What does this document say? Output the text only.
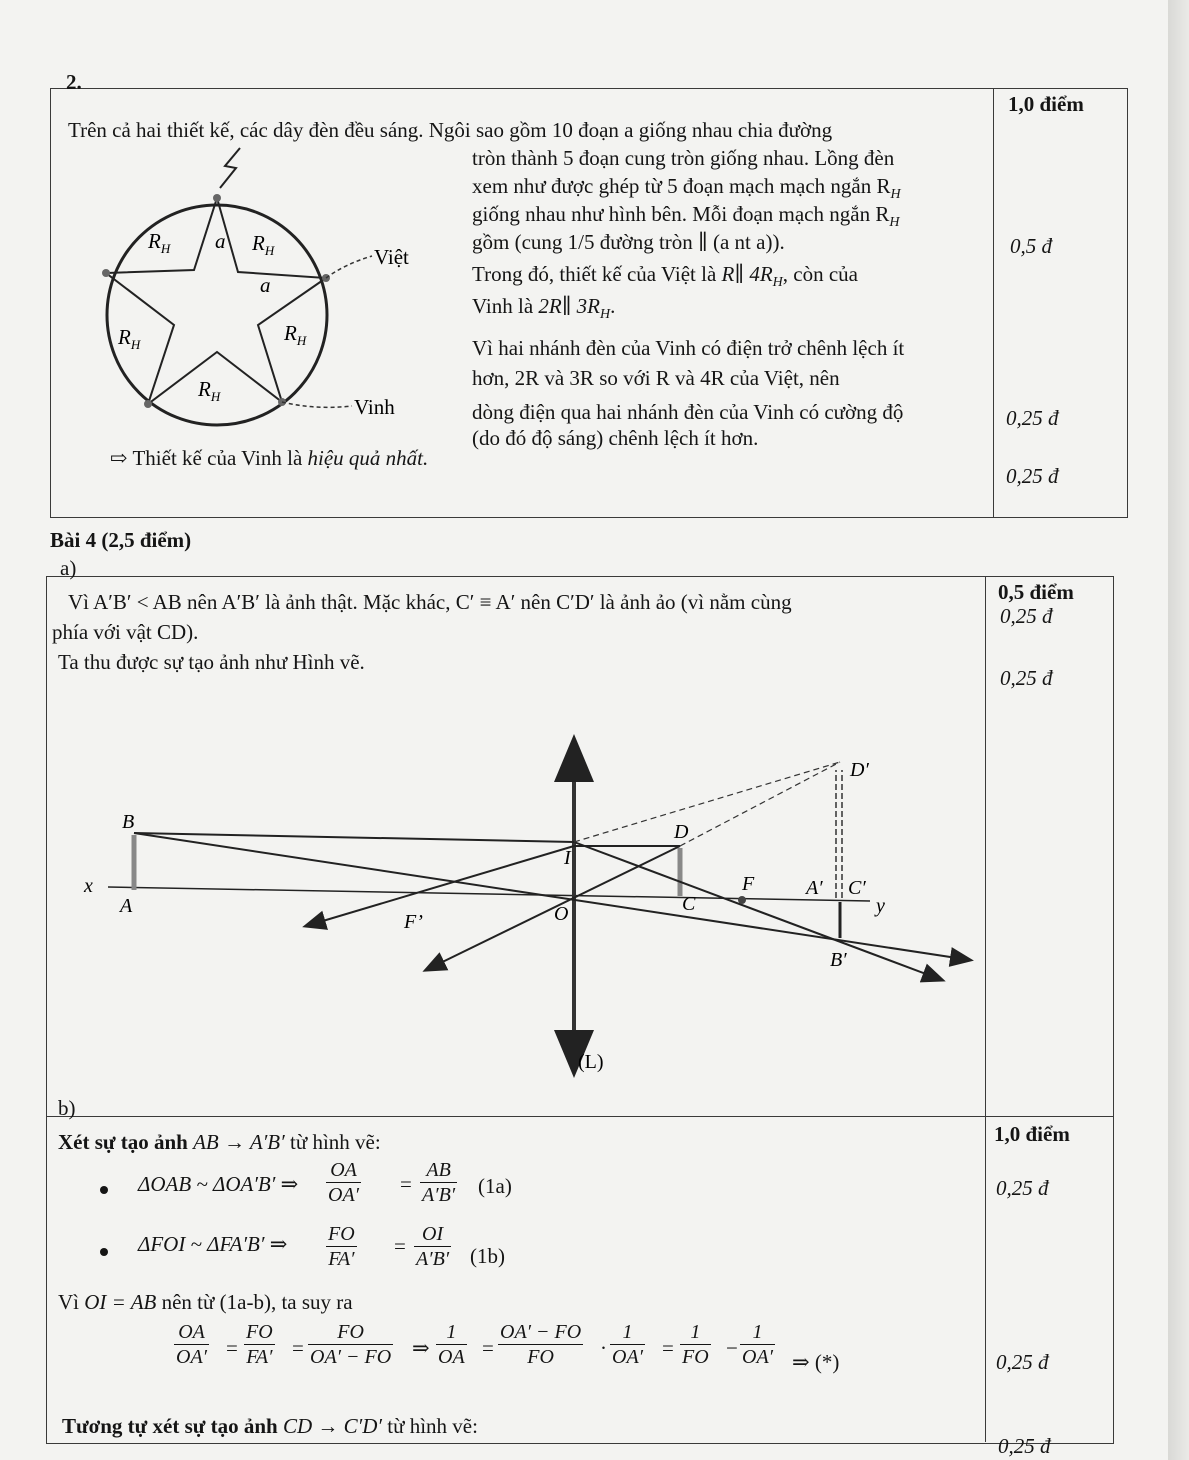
2.
1,0 điểm
Trên cả hai thiết kế, các dây đèn đều sáng. Ngôi sao gồm 10 đoạn a giống nhau chia đường
tròn thành 5 đoạn cung tròn giống nhau. Lồng đèn
xem như được ghép từ 5 đoạn mạch mạch ngắn $R_H$
giống nhau như hình bên. Mỗi đoạn mạch ngắn $R_H$
gồm (cung 1/5 đường tròn ∥ (a nt a)).
Trong đó, thiết kế của Việt là R∥ $4R_H$, còn của
Vinh là 2R∥ $3R_H$.
Vì hai nhánh đèn của Vinh có điện trở chênh lệch ít
hơn, 2R và 3R so với R và 4R của Việt, nên
dòng điện qua hai nhánh đèn của Vinh có cường độ
(do đó độ sáng) chênh lệch ít hơn.
⇨ Thiết kế của Vinh là hiệu quả nhất.
0,5 đ
0,25 đ
0,25 đ
Việt
Vinh
a
a
$R_H$	$R_H$
$R_H$	$R_H$
$R_H$
Bài 4 (2,5 điểm)
a)
0,5 điểm
0,25 đ
0,25 đ
Vì A′B′ < AB nên A′B′ là ảnh thật. Mặc khác, C′ ≡ A′ nên C′D′ là ảnh ảo (vì nằm cùng
phía với vật CD).
Ta thu được sự tạo ảnh như Hình vẽ.
B
A
x
D
I
C
F
F’	O
A′ C′
y
B′
D′
(L)
b)
1,0 điểm
Xét sự tạo ảnh AB → A′B′ từ hình vẽ:
ΔOAB ~ ΔOA′B′ ⇒ $\frac{OA}{OA'} = \frac{AB}{A'B'} (1a)$	0,25 đ
ΔFOI ~ ΔFA′B′ ⇒ $\frac{FO}{FA'} = \frac{OI}{A'B'} (1b)$
Vì OI = AB nên từ (1a-b), ta suy ra
$\frac{OA}{OA'} = \frac{FO}{FA'} = \frac{FO}{OA' - FO}$ ⇒ $\frac{1}{OA} = \frac{OA' - FO}{FO} \cdot \frac{1}{OA'} = \frac{1}{FO} - \frac{1}{OA'}$ ⇒ (*)	0,25 đ
Tương tự xét sự tạo ảnh CD → C′D′ từ hình vẽ:
0,25 đ
